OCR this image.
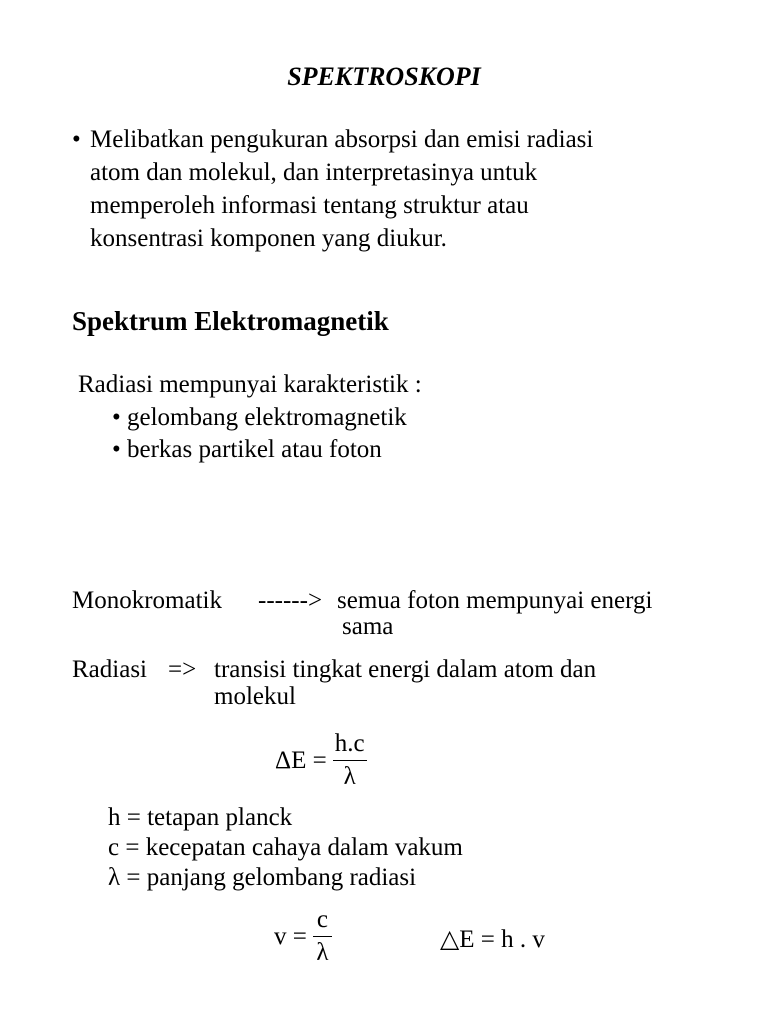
SPEKTROSKOPI
• Melibatkan pengukuran absorpsi dan emisi radiasi
atom dan molekul, dan interpretasinya untuk
memperoleh informasi tentang struktur atau
konsentrasi komponen yang diukur.
Spektrum Elektromagnetik
Radiasi mempunyai karakteristik :
• gelombang elektromagnetik
• berkas partikel atau foton
Monokromatik ------> semua foton mempunyai energi
sama
Radiasi => transisi tingkat energi dalam atom dan
molekul
$\Delta E = \frac{h.c}{\lambda}$
h = tetapan planck
c = kecepatan cahaya dalam vakum
λ = panjang gelombang radiasi
$v = \frac{c}{\lambda}$	△E = h . v
